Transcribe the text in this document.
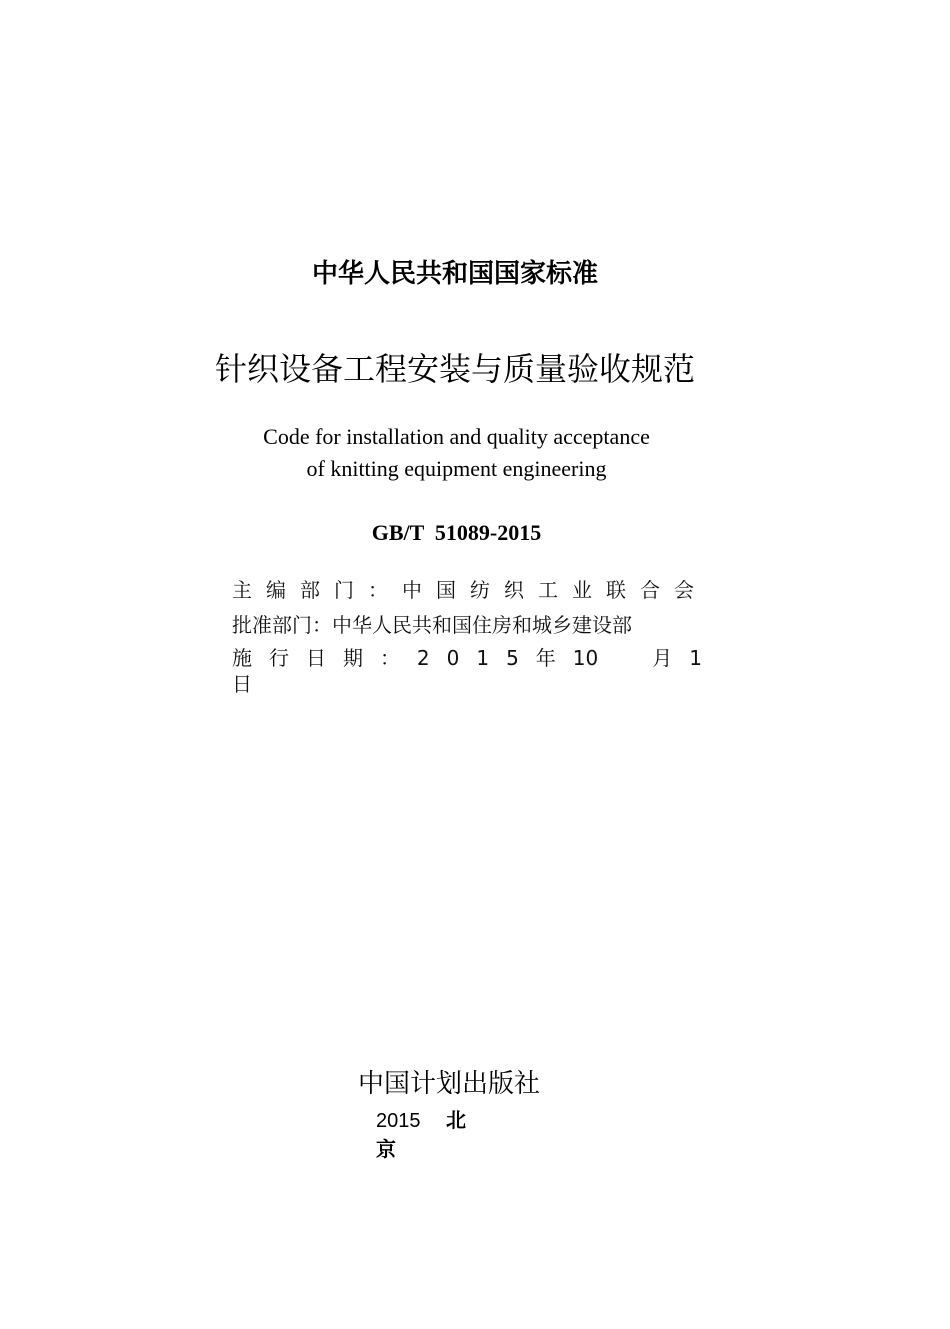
中华人民共和国国家标准
针织设备工程安装与质量验收规范
Code for installation and quality acceptance
of knitting equipment engineering
GB/T  51089-2015
主 编 部 门 ： 中 国 纺 织 工 业 联 合 会
批准部门：中华人民共和国住房和城乡建设部
施 行 日 期 ： 2 0 1 5 年 10	月 1
日
中国计划出版社
2015 北
京
